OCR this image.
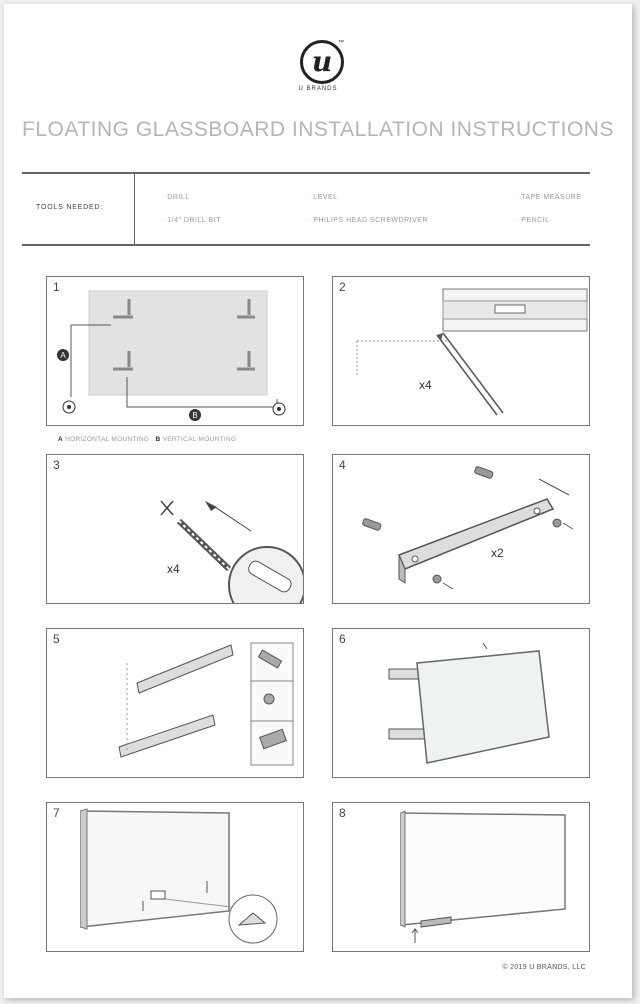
u
™
U BRANDS
FLOATING GLASSBOARD INSTALLATION INSTRUCTIONS
TOOLS NEEDED:
· DRILL
· 1/4" DRILL BIT
· LEVEL
· PHILIPS HEAD SCREWDRIVER
· TAPE MEASURE
· PENCIL
1
A
B
A HORIZONTAL MOUNTING B VERTICAL MOUNTING
2
x4
3
x4
4
x2
5	6
7	8
© 2019 U BRANDS, LLC
